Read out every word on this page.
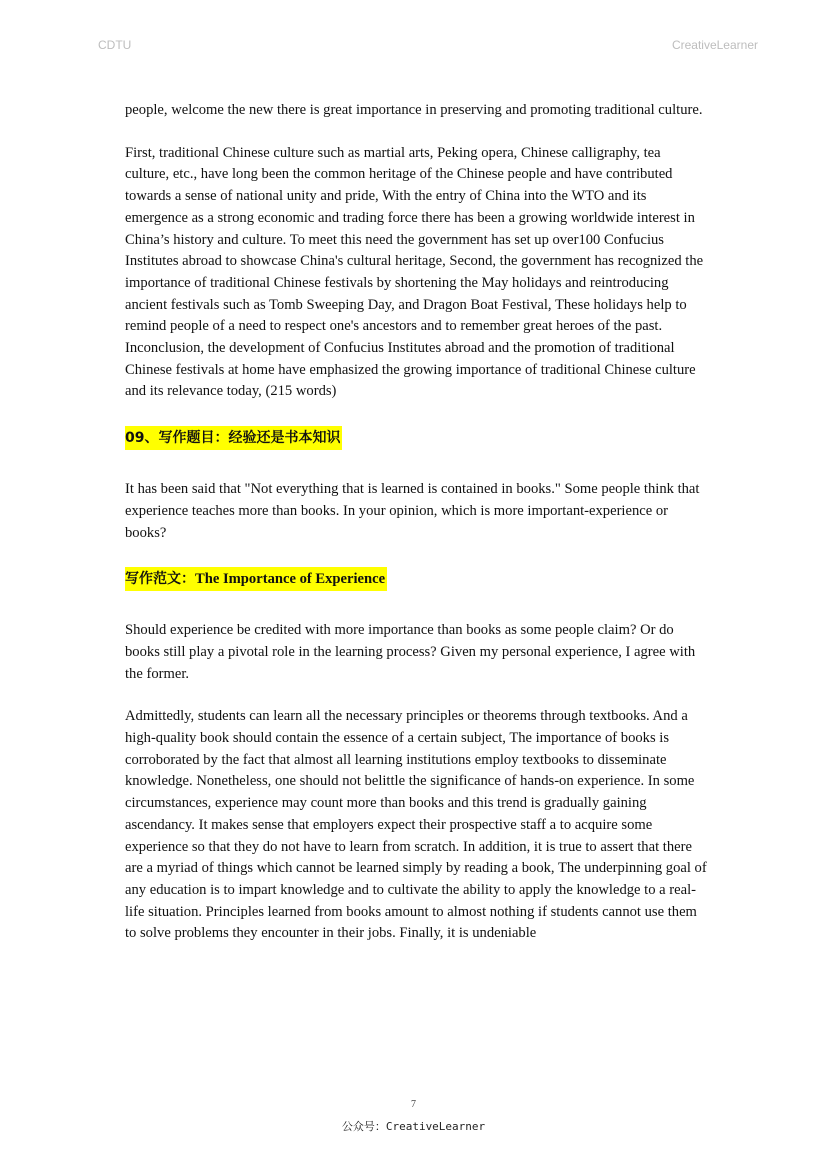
CDTU	CreativeLearner

people, welcome the new there is great importance in preserving and promoting traditional culture.

First, traditional Chinese culture such as martial arts, Peking opera, Chinese calligraphy, tea culture, etc., have long been the common heritage of the Chinese people and have contributed towards a sense of national unity and pride, With the entry of China into the WTO and its emergence as a strong economic and trading force there has been a growing worldwide interest in China’s history and culture. To meet this need the government has set up over100 Confucius Institutes abroad to showcase China's cultural heritage, Second, the government has recognized the importance of traditional Chinese festivals by shortening the May holidays and reintroducing ancient festivals such as Tomb Sweeping Day, and Dragon Boat Festival, These holidays help to remind people of a need to respect one's ancestors and to remember great heroes of the past. Inconclusion, the development of Confucius Institutes abroad and the promotion of traditional Chinese festivals at home have emphasized the growing importance of traditional Chinese culture and its relevance today, (215 words)

09、写作题目：经验还是书本知识

It has been said that "Not everything that is learned is contained in books." Some people think that experience teaches more than books. In your opinion, which is more important-experience or books?

写作范文：The Importance of Experience

Should experience be credited with more importance than books as some people claim? Or do books still play a pivotal role in the learning process? Given my personal experience, I agree with the former.

Admittedly, students can learn all the necessary principles or theorems through textbooks. And a high-quality book should contain the essence of a certain subject, The importance of books is corroborated by the fact that almost all learning institutions employ textbooks to disseminate knowledge. Nonetheless, one should not belittle the significance of hands-on experience. In some circumstances, experience may count more than books and this trend is gradually gaining ascendancy. It makes sense that employers expect their prospective staff a to acquire some experience so that they do not have to learn from scratch. In addition, it is true to assert that there are a myriad of things which cannot be learned simply by reading a book, The underpinning goal of any education is to impart knowledge and to cultivate the ability to apply the knowledge to a real-life situation. Principles learned from books amount to almost nothing if students cannot use them to solve problems they encounter in their jobs. Finally, it is undeniable

7
公众号：CreativeLearner
